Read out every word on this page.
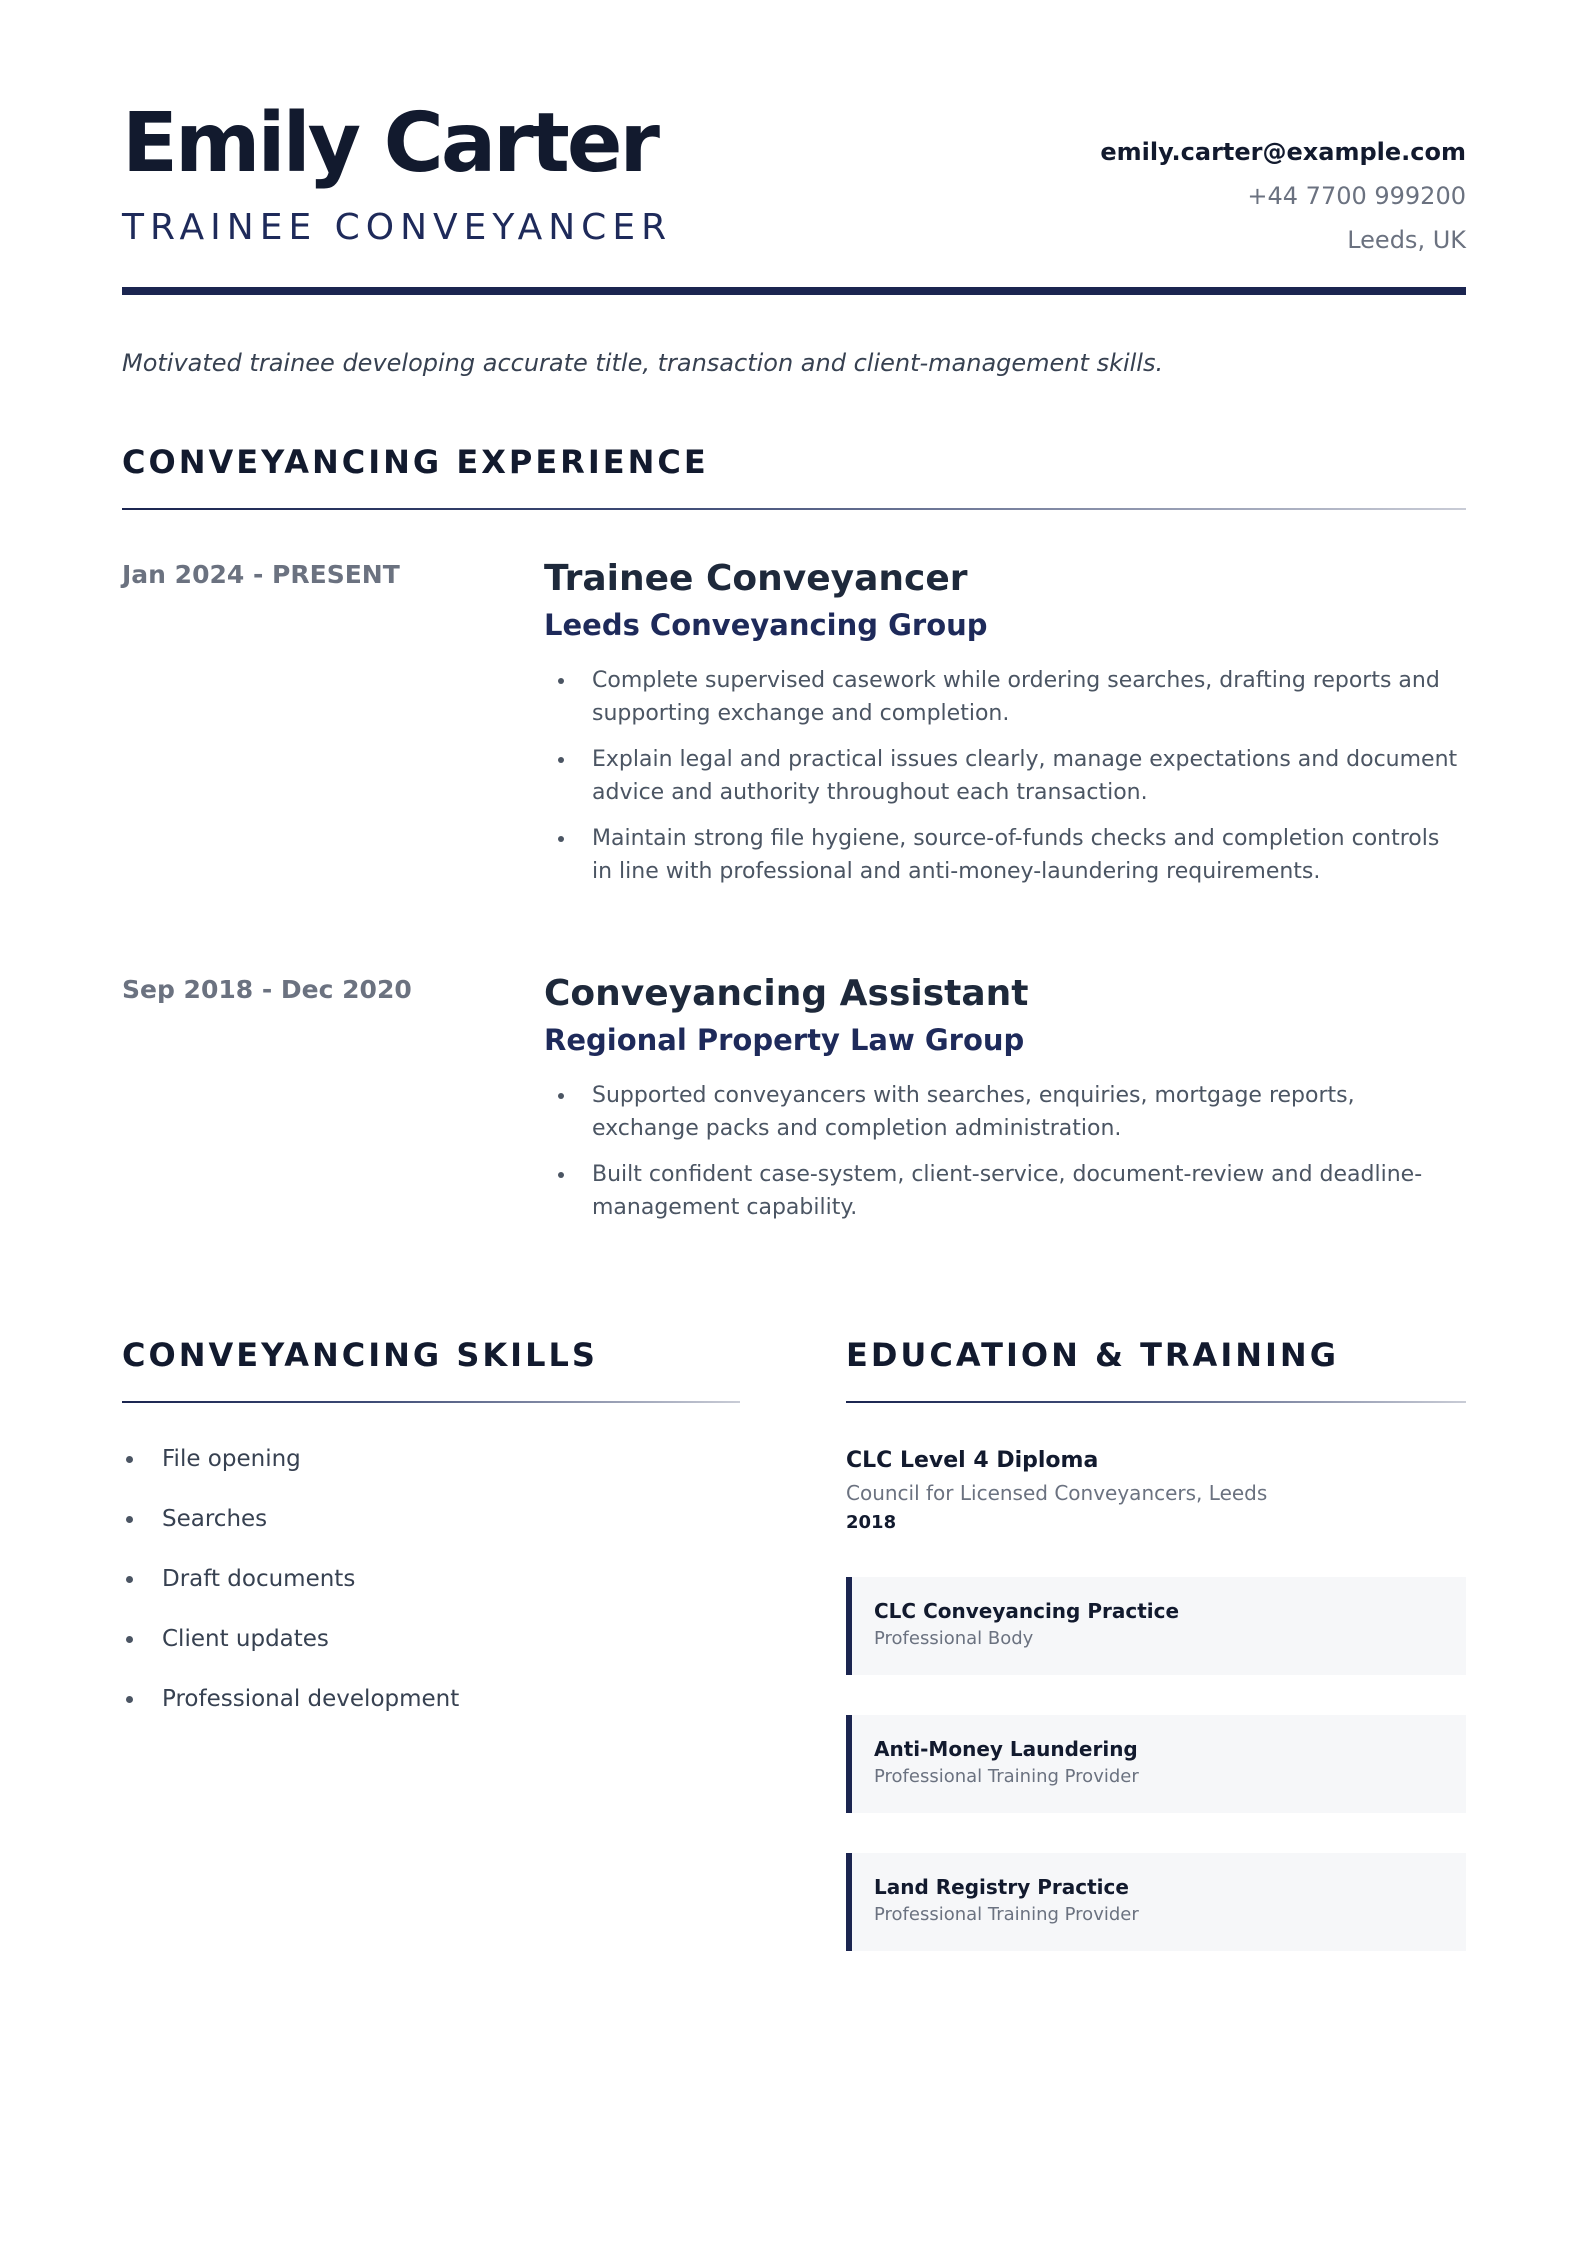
Emily Carter
TRAINEE CONVEYANCER
emily.carter@example.com
+44 7700 999200
Leeds, UK

Motivated trainee developing accurate title, transaction and client-management skills.

CONVEYANCING EXPERIENCE
Jan 2024 - PRESENT	Trainee Conveyancer
Leeds Conveyancing Group
Complete supervised casework while ordering searches, drafting reports and supporting exchange and completion.
Explain legal and practical issues clearly, manage expectations and document advice and authority throughout each transaction.
Maintain strong file hygiene, source-of-funds checks and completion controls in line with professional and anti-money-laundering requirements.
Sep 2018 - Dec 2020	Conveyancing Assistant
Regional Property Law Group
Supported conveyancers with searches, enquiries, mortgage reports, exchange packs and completion administration.
Built confident case-system, client-service, document-review and deadline-management capability.
CONVEYANCING SKILLS
File opening
Searches
Draft documents
Client updates
Professional development
EDUCATION & TRAINING
CLC Level 4 Diploma
Council for Licensed Conveyancers, Leeds
2018
CLC Conveyancing Practice
Professional Body
Anti-Money Laundering
Professional Training Provider
Land Registry Practice
Professional Training Provider
